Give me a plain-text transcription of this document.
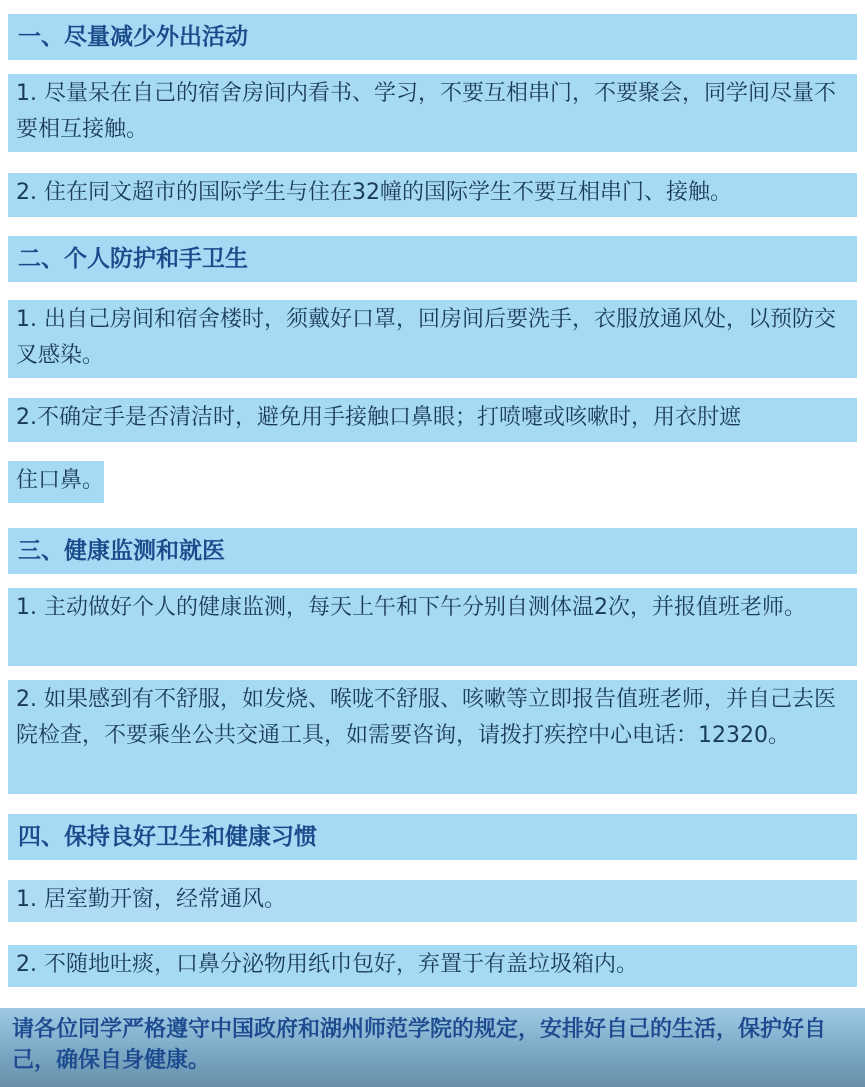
一、尽量减少外出活动
1. 尽量呆在自己的宿舍房间内看书、学习，不要互相串门，不要聚会，同学间尽量不要相互接触。
2. 住在同文超市的国际学生与住在32幢的国际学生不要互相串门、接触。
二、个人防护和手卫生
1. 出自己房间和宿舍楼时，须戴好口罩，回房间后要洗手，衣服放通风处，以预防交叉感染。
2.不确定手是否清洁时，避免用手接触口鼻眼；打喷嚏或咳嗽时，用衣肘遮
住口鼻。
三、健康监测和就医
1. 主动做好个人的健康监测，每天上午和下午分别自测体温2次，并报值班老师。
2. 如果感到有不舒服，如发烧、喉咙不舒服、咳嗽等立即报告值班老师，并自己去医院检查，不要乘坐公共交通工具，如需要咨询，请拨打疾控中心电话：12320。
四、保持良好卫生和健康习惯
1. 居室勤开窗，经常通风。
2. 不随地吐痰，口鼻分泌物用纸巾包好，弃置于有盖垃圾箱内。
请各位同学严格遵守中国政府和湖州师范学院的规定，安排好自己的生活，保护好自己，确保自身健康。
